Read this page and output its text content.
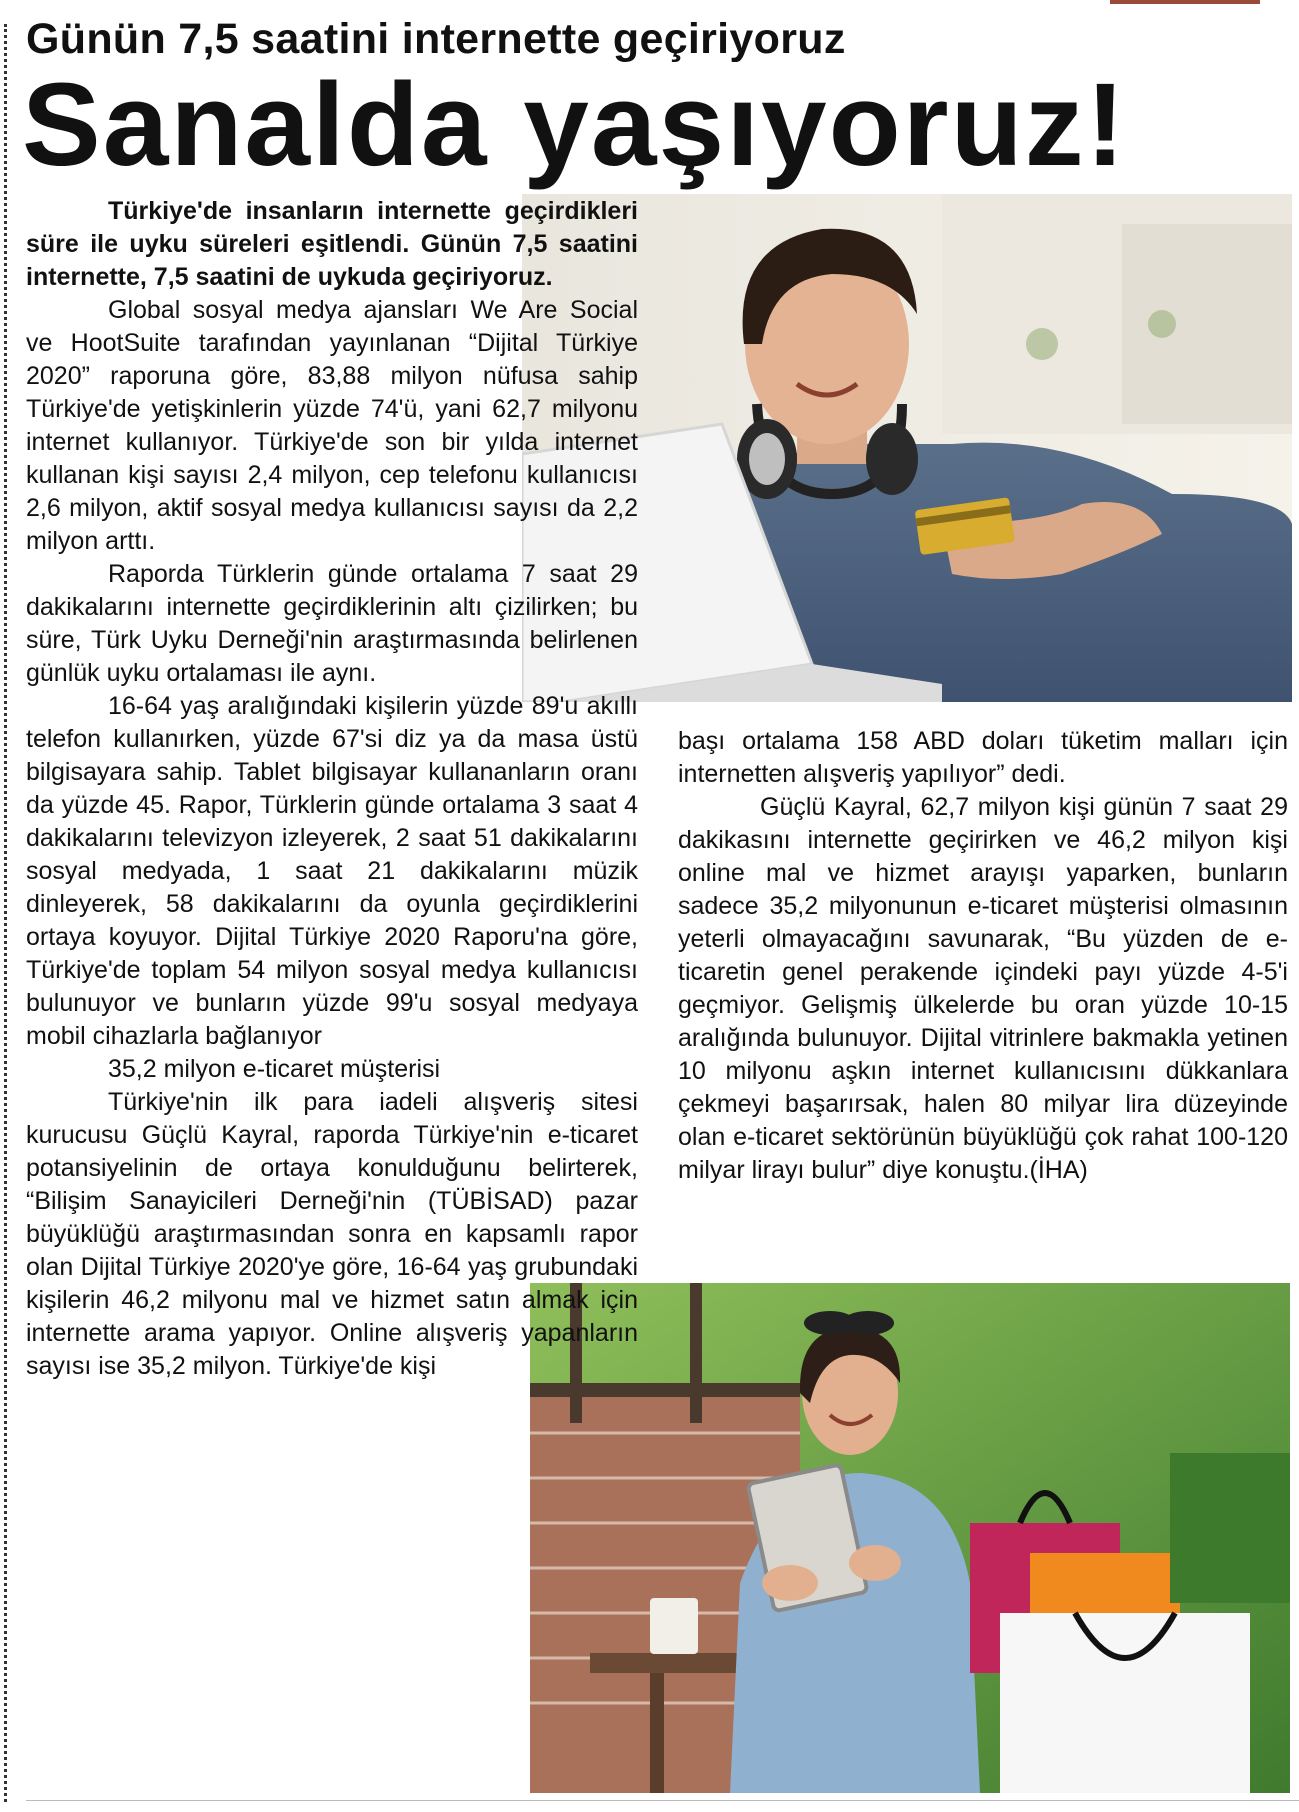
Günün 7,5 saatini internette geçiriyoruz
Sanalda yaşıyoruz!

Türkiye'de insanların internette geçirdikleri süre ile uyku süreleri eşitlendi. Günün 7,5 saatini internette, 7,5 saatini de uykuda geçiriyoruz.

Global sosyal medya ajansları We Are Social ve HootSuite tarafından yayınlanan “Dijital Türkiye 2020” raporuna göre, 83,88 milyon nüfusa sahip Türkiye'de yetişkinlerin yüzde 74'ü, yani 62,7 milyonu internet kullanıyor. Türkiye'de son bir yılda internet kullanan kişi sayısı 2,4 milyon, cep telefonu kullanıcısı 2,6 milyon, aktif sosyal medya kullanıcısı sayısı da 2,2 milyon arttı.

Raporda Türklerin günde ortalama 7 saat 29 dakikalarını internette geçirdiklerinin altı çizilirken; bu süre, Türk Uyku Derneği'nin araştırmasında belirlenen günlük uyku ortalaması ile aynı.

16-64 yaş aralığındaki kişilerin yüzde 89'u akıllı telefon kullanırken, yüzde 67'si diz ya da masa üstü bilgisayara sahip. Tablet bilgisayar kullananların oranı da yüzde 45. Rapor, Türklerin günde ortalama 3 saat 4 dakikalarını televizyon izleyerek, 2 saat 51 dakikalarını sosyal medyada, 1 saat 21 dakikalarını müzik dinleyerek, 58 dakikalarını da oyunla geçirdiklerini ortaya koyuyor. Dijital Türkiye 2020 Raporu'na göre, Türkiye'de toplam 54 milyon sosyal medya kullanıcısı bulunuyor ve bunların yüzde 99'u sosyal medyaya mobil cihazlarla bağlanıyor

35,2 milyon e-ticaret müşterisi

Türkiye'nin ilk para iadeli alışveriş sitesi kurucusu Güçlü Kayral, raporda Türkiye'nin e-ticaret potansiyelinin de ortaya konulduğunu belirterek, “Bilişim Sanayicileri Derneği'nin (TÜBİSAD) pazar büyüklüğü araştırmasından sonra en kapsamlı rapor olan Dijital Türkiye 2020'ye göre, 16-64 yaş grubundaki kişilerin 46,2 milyonu mal ve hizmet satın almak için internette arama yapıyor. Online alışveriş yapanların sayısı ise 35,2 milyon. Türkiye'de kişi

başı ortalama 158 ABD doları tüketim malları için internetten alışveriş yapılıyor” dedi.

Güçlü Kayral, 62,7 milyon kişi günün 7 saat 29 dakikasını internette geçirirken ve 46,2 milyon kişi online mal ve hizmet arayışı yaparken, bunların sadece 35,2 milyonunun e-ticaret müşterisi olmasının yeterli olmayacağını savunarak, “Bu yüzden de e-ticaretin genel perakende içindeki payı yüzde 4-5'i geçmiyor. Gelişmiş ülkelerde bu oran yüzde 10-15 aralığında bulunuyor. Dijital vitrinlere bakmakla yetinen 10 milyonu aşkın internet kullanıcısını dükkanlara çekmeyi başarırsak, halen 80 milyar lira düzeyinde olan e-ticaret sektörünün büyüklüğü çok rahat 100-120 milyar lirayı bulur” diye konuştu.(İHA)
